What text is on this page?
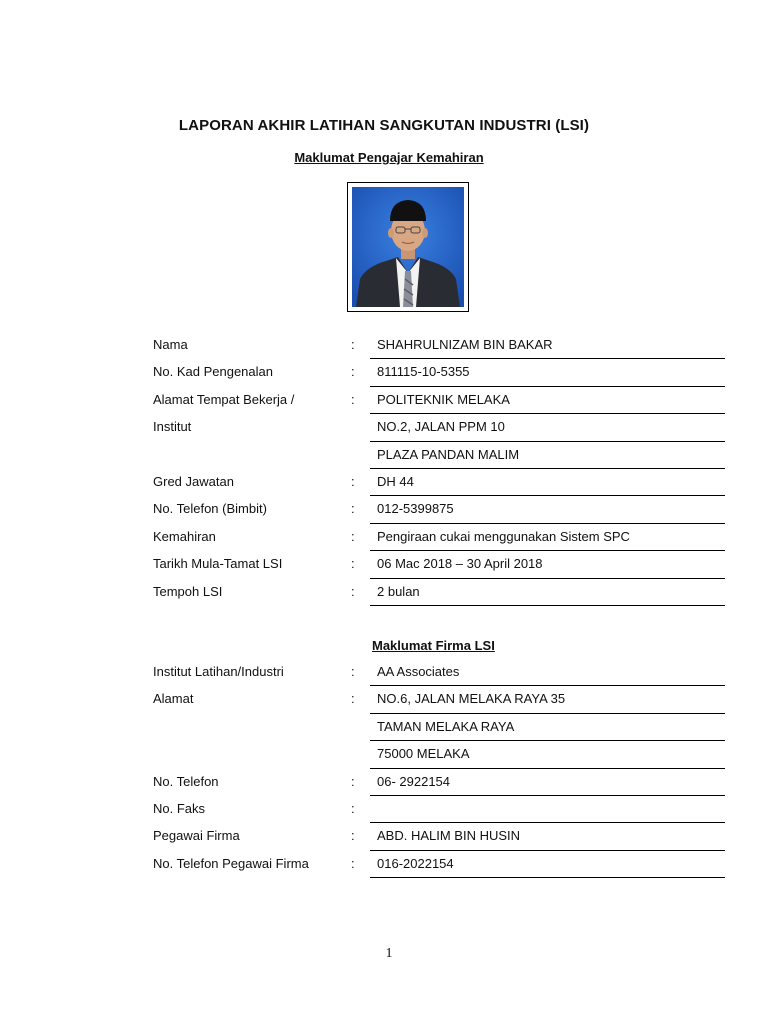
LAPORAN AKHIR LATIHAN SANGKUTAN INDUSTRI (LSI)
Maklumat Pengajar Kemahiran
Nama	: SHAHRULNIZAM BIN BAKAR
No. Kad Pengenalan	: 811115-10-5355
Alamat Tempat Bekerja /	: POLITEKNIK MELAKA
Institut	NO.2, JALAN PPM 10
PLAZA PANDAN MALIM
Gred Jawatan	: DH 44
No. Telefon (Bimbit)	: 012-5399875
Kemahiran	: Pengiraan cukai menggunakan Sistem SPC
Tarikh Mula-Tamat LSI	: 06 Mac 2018 – 30 April 2018
Tempoh LSI	: 2 bulan
Maklumat Firma LSI
Institut Latihan/Industri	: AA Associates
Alamat	: NO.6, JALAN MELAKA RAYA 35
TAMAN MELAKA RAYA
75000 MELAKA
No. Telefon	: 06- 2922154
No. Faks	:
Pegawai Firma	: ABD. HALIM BIN HUSIN
No. Telefon Pegawai Firma	: 016-2022154
1
